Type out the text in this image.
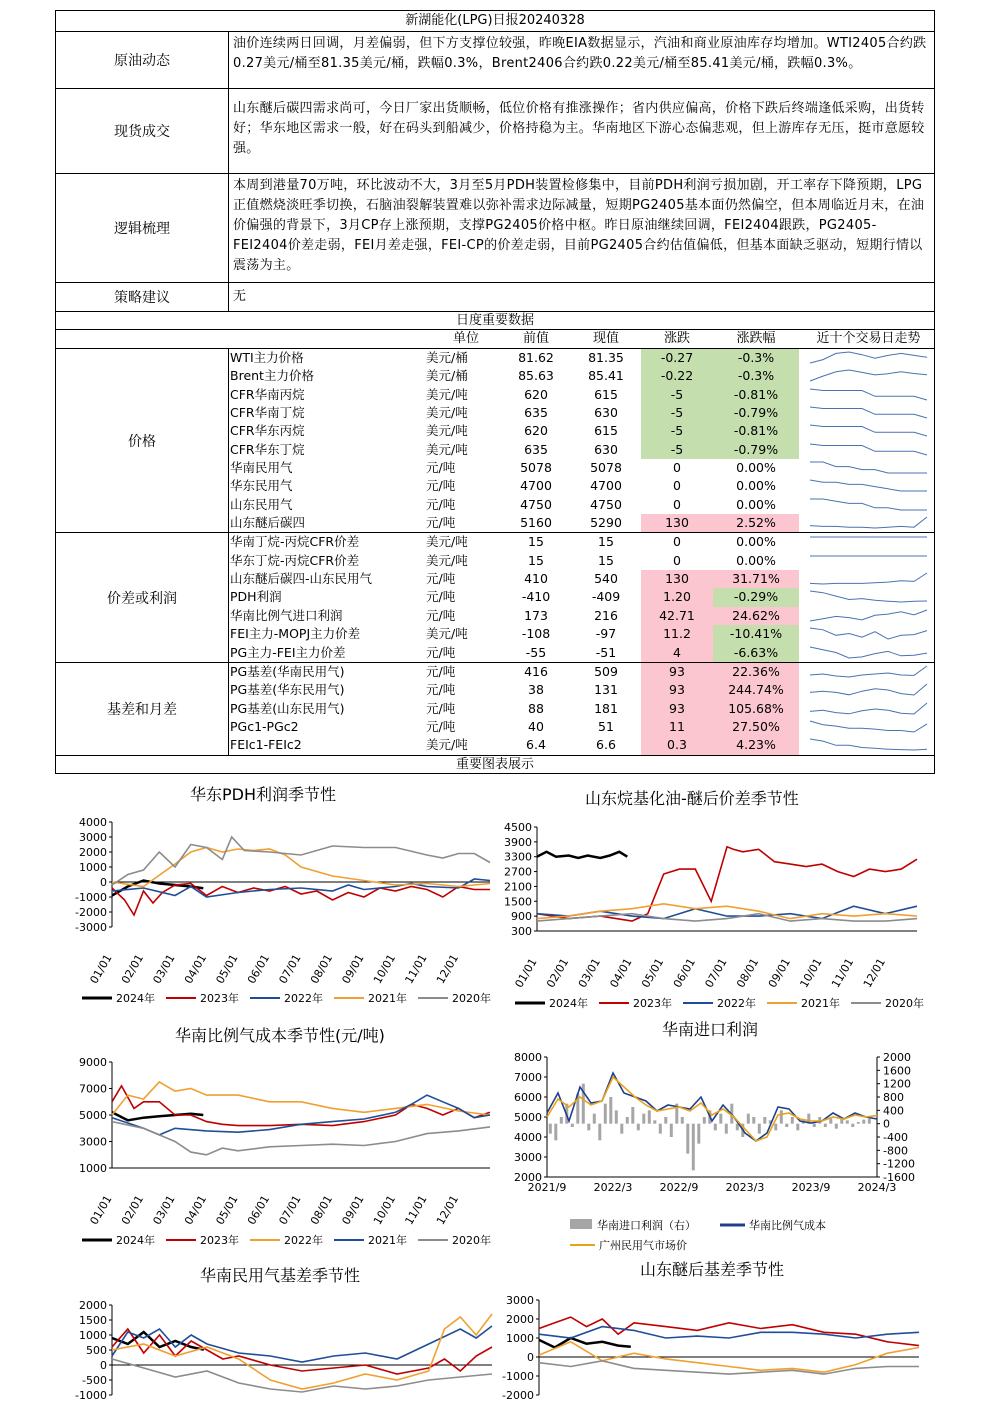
新湖能化(LPG)日报20240328
原油动态
油价连续两日回调，月差偏弱，但下方支撑位较强，昨晚EIA数据显示，汽油和商业原油库存均增加。WTI2405合约跌0.27美元/桶至81.35美元/桶，跌幅0.3%，Brent2406合约跌0.22美元/桶至85.41美元/桶，跌幅0.3%。
现货成交
山东醚后碳四需求尚可，今日厂家出货顺畅，低位价格有推涨操作；省内供应偏高，价格下跌后终端逢低采购，出货转好；华东地区需求一般，好在码头到船减少，价格持稳为主。华南地区下游心态偏悲观，但上游库存无压，挺市意愿较强。
逻辑梳理
本周到港量70万吨，环比波动不大，3月至5月PDH装置检修集中，目前PDH利润亏损加剧，开工率存下降预期，LPG正值燃烧淡旺季切换，石脑油裂解装置难以弥补需求边际减量，短期PG2405基本面仍然偏空，但本周临近月末，在油价偏强的背景下，3月CP存上涨预期，支撑PG2405价格中枢。昨日原油继续回调，FEI2404跟跌，PG2405-FEI2404价差走弱，FEI月差走强，FEI-CP的价差走弱，目前PG2405合约估值偏低，但基本面缺乏驱动，短期行情以震荡为主。
策略建议	无
日度重要数据
单位	前值	现值	涨跌	涨跌幅	近十个交易日走势
价格
WTI主力价格	美元/桶	81.62	81.35	-0.27	-0.3%
Brent主力价格	美元/桶	85.63	85.41	-0.22	-0.3%
CFR华南丙烷	美元/吨	620	615	-5	-0.81%
CFR华南丁烷	美元/吨	635	630	-5	-0.79%
CFR华东丙烷	美元/吨	620	615	-5	-0.81%
CFR华东丁烷	美元/吨	635	630	-5	-0.79%
华南民用气	元/吨	5078	5078	0	0.00%
华东民用气	元/吨	4700	4700	0	0.00%
山东民用气	元/吨	4750	4750	0	0.00%
山东醚后碳四	元/吨	5160	5290	130	2.52%
价差或利润
华南丁烷-丙烷CFR价差	美元/吨	15	15	0	0.00%
华东丁烷-丙烷CFR价差	美元/吨	15	15	0	0.00%
山东醚后碳四-山东民用气	元/吨	410	540	130	31.71%
PDH利润	元/吨	-410	-409	1.20	-0.29%
华南比例气进口利润	元/吨	173	216	42.71	24.62%
FEI主力-MOPJ主力价差	美元/吨	-108	-97	11.2	-10.41%
PG主力-FEI主力价差	元/吨	-55	-51	4	-6.63%
基差和月差
PG基差(华南民用气)	元/吨	416	509	93	22.36%
PG基差(华东民用气)	元/吨	38	131	93	244.74%
PG基差(山东民用气)	元/吨	88	181	93	105.68%
PGc1-PGc2	元/吨	40	51	11	27.50%
FEIc1-FEIc2	美元/吨	6.4	6.6	0.3	4.23%
重要图表展示
华东PDH利润季节性
-3000
-2000
-1000
0
1000
2000
3000
4000
01/01 02/01 03/01 04/01 05/01 06/01 07/01 08/01 09/01 10/01 11/01 12/01
2024年	2023年	2022年	2021年	2020年
山东烷基化油-醚后价差季节性
300
900
1500
2100
2700
3300
3900
4500
01/01 02/01 03/01 04/01 05/01 06/01 07/01 08/01 09/01 10/01 11/01 12/01
2024年	2023年	2022年	2021年	2020年
华南比例气成本季节性(元/吨)
1000
3000
5000
7000
9000
01/01 02/01 03/01 04/01 05/01 06/01 07/01 08/01 09/01 10/01 11/01 12/01
2024年	2023年	2022年	2021年	2020年
华南进口利润
2000
3000
4000
5000
6000
7000
8000
-1600
-1200
-800
-400
0
400
800
1200
1600
2000
2021/9 2022/3 2022/9 2023/3 2023/9 2024/3
华南进口利润（右）	华南比例气成本
广州民用气市场价
华南民用气基差季节性
-1000
-500
0
500
1000
1500
2000
山东醚后基差季节性
-2000
-1000
0
1000
2000
3000
